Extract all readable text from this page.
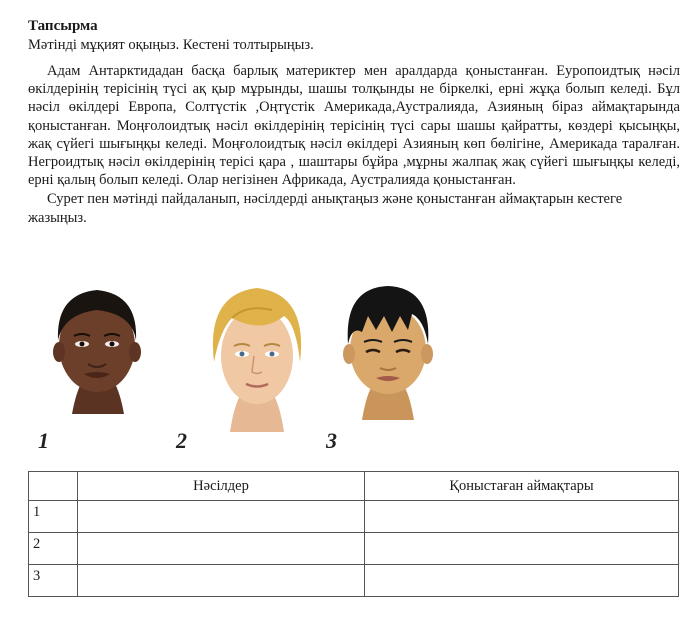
Тапсырма
Мәтінді мұқият оқыңыз. Кестені толтырыңыз.

Адам Антарктидадан басқа барлық материктер мен аралдарда қоныстанған. Еуропоидтық нәсіл өкілдерінің терісінің түсі ақ қыр мұрынды, шашы толқынды не біркелкі, ерні жұқа болып келеді. Бұл нәсіл өкілдері Европа, Солтүстік ,Оңтүстік Америкада,Аустралияда, Азияның біраз аймақтарында қоныстанған. Моңғолоидтық нәсіл өкілдерінің терісінің түсі сары шашы қайратты, көздері қысыңқы, жақ сүйегі шығыңқы келеді. Моңғолоидтық нәсіл өкілдері Азияның көп бөлігіне, Америкада таралған. Негроидтық нәсіл өкілдерінің терісі қара , шаштары бұйра ,мұрны жалпақ жақ сүйегі шығыңқы келеді, ерні қалың болып келеді. Олар негізінен Африкада, Аустралияда қоныстанған.

Сурет пен мәтінді пайдаланып, нәсілдерді анықтаңыз және қоныстанған аймақтарын кестеге жазыңыз.

1	2	3
	Нәсілдер	Қоныстаған аймақтары
1		
2		
3		
